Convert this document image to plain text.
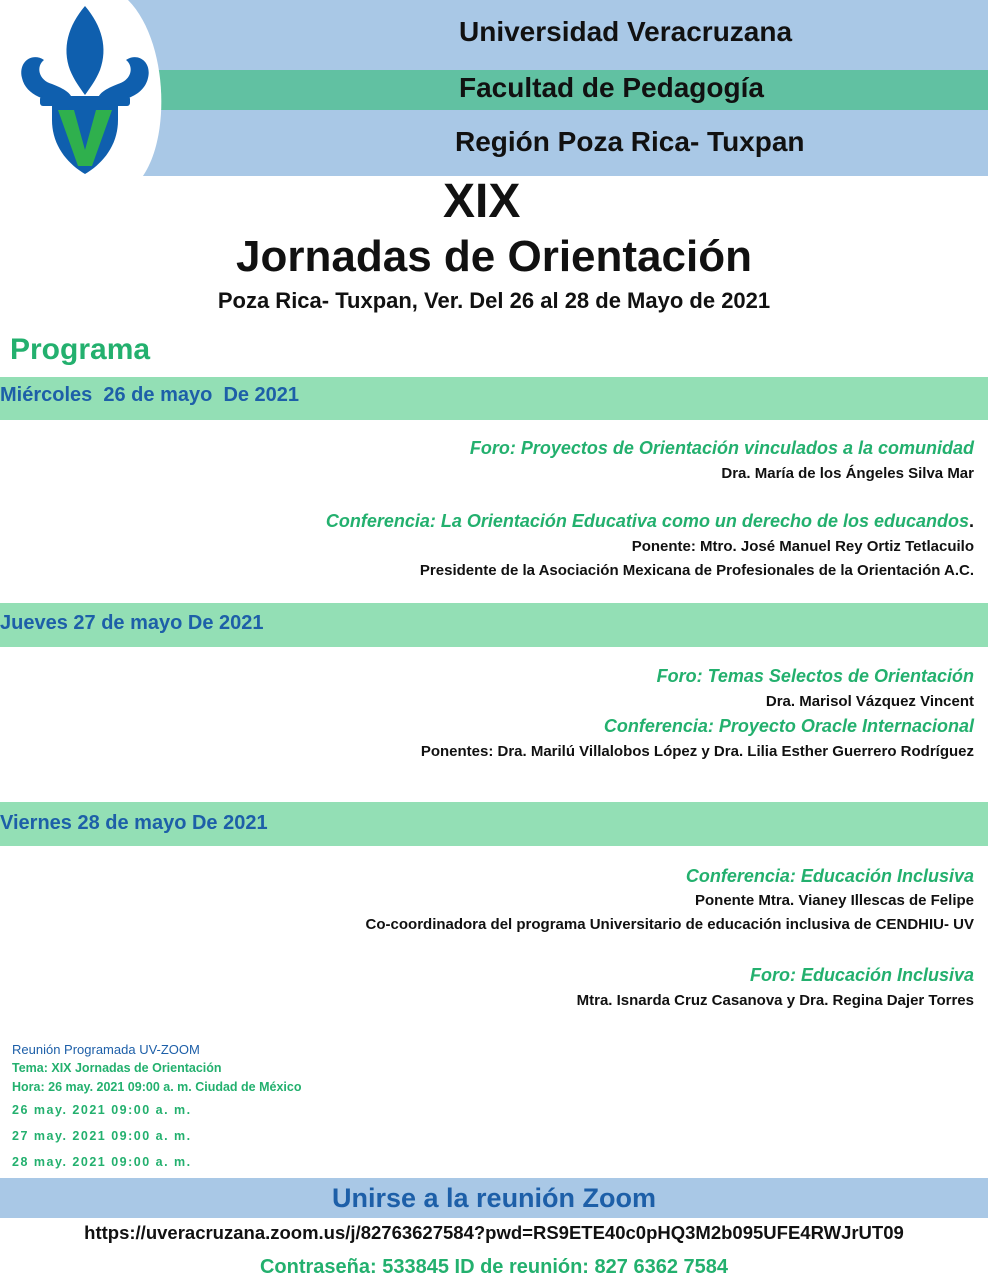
Universidad Veracruzana
Facultad de Pedagogía
Región Poza Rica- Tuxpan
XIX
Jornadas de Orientación
Poza Rica- Tuxpan, Ver. Del 26 al 28 de Mayo de 2021
Programa
Miércoles  26 de mayo  De 2021
Foro: Proyectos de Orientación vinculados a la comunidad
Dra. María de los Ángeles Silva Mar
Conferencia: La Orientación Educativa como un derecho de los educandos.
Ponente: Mtro. José Manuel Rey Ortiz Tetlacuilo
Presidente de la Asociación Mexicana de Profesionales de la Orientación A.C.
Jueves 27 de mayo De 2021
Foro: Temas Selectos de Orientación
Dra. Marisol Vázquez Vincent
Conferencia: Proyecto Oracle Internacional
Ponentes: Dra. Marilú Villalobos López y Dra. Lilia Esther Guerrero Rodríguez
Viernes 28 de mayo De 2021
Conferencia: Educación Inclusiva
Ponente Mtra. Vianey Illescas de Felipe
Co-coordinadora del programa Universitario de educación inclusiva de CENDHIU- UV
Foro: Educación Inclusiva
Mtra. Isnarda Cruz Casanova y Dra. Regina Dajer Torres
Reunión Programada UV-ZOOM
Tema: XIX Jornadas de Orientación
Hora: 26 may. 2021 09:00 a. m. Ciudad de México
26 may. 2021 09:00 a. m.
27 may. 2021 09:00 a. m.
28 may. 2021 09:00 a. m.
Unirse a la reunión Zoom
https://uveracruzana.zoom.us/j/82763627584?pwd=RS9ETE40c0pHQ3M2b095UFE4RWJrUT09
Contraseña: 533845 ID de reunión: 827 6362 7584
